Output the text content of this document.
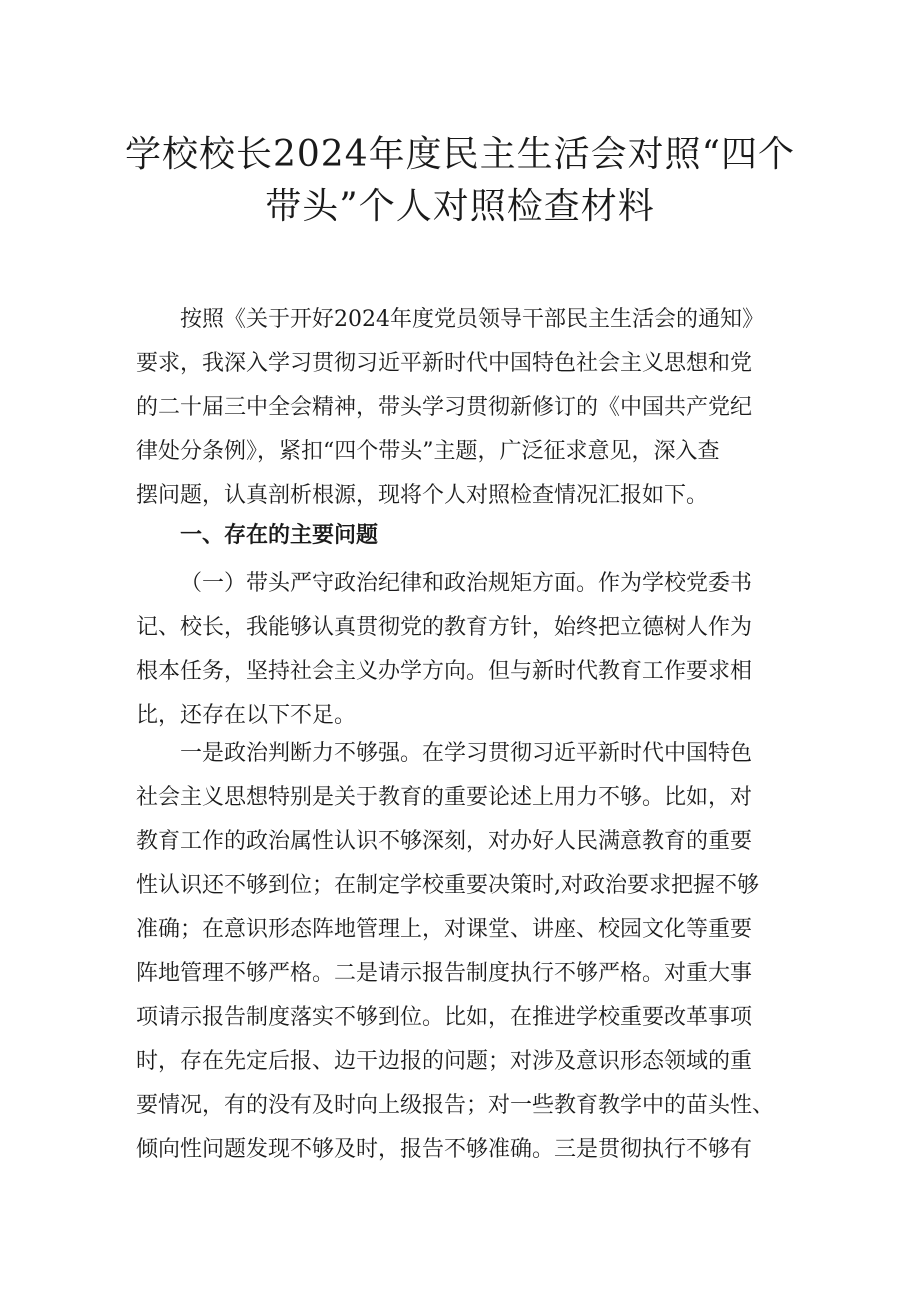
学校校长2024年度民主生活会对照“四个
带头”个人对照检查材料
按照《关于开好2024年度党员领导干部民主生活会的通知》
要求，我深入学习贯彻习近平新时代中国特色社会主义思想和党
的二十届三中全会精神，带头学习贯彻新修订的《中国共产党纪
律处分条例》，紧扣“四个带头”主题，广泛征求意见，深入查
摆问题，认真剖析根源，现将个人对照检查情况汇报如下。
一、存在的主要问题
（一）带头严守政治纪律和政治规矩方面。作为学校党委书
记、校长，我能够认真贯彻党的教育方针，始终把立德树人作为
根本任务，坚持社会主义办学方向。但与新时代教育工作要求相
比，还存在以下不足。
一是政治判断力不够强。在学习贯彻习近平新时代中国特色
社会主义思想特别是关于教育的重要论述上用力不够。比如，对
教育工作的政治属性认识不够深刻，对办好人民满意教育的重要
性认识还不够到位；在制定学校重要决策时,对政治要求把握不够
准确；在意识形态阵地管理上，对课堂、讲座、校园文化等重要
阵地管理不够严格。二是请示报告制度执行不够严格。对重大事
项请示报告制度落实不够到位。比如，在推进学校重要改革事项
时，存在先定后报、边干边报的问题；对涉及意识形态领域的重
要情况，有的没有及时向上级报告；对一些教育教学中的苗头性、
倾向性问题发现不够及时，报告不够准确。三是贯彻执行不够有
